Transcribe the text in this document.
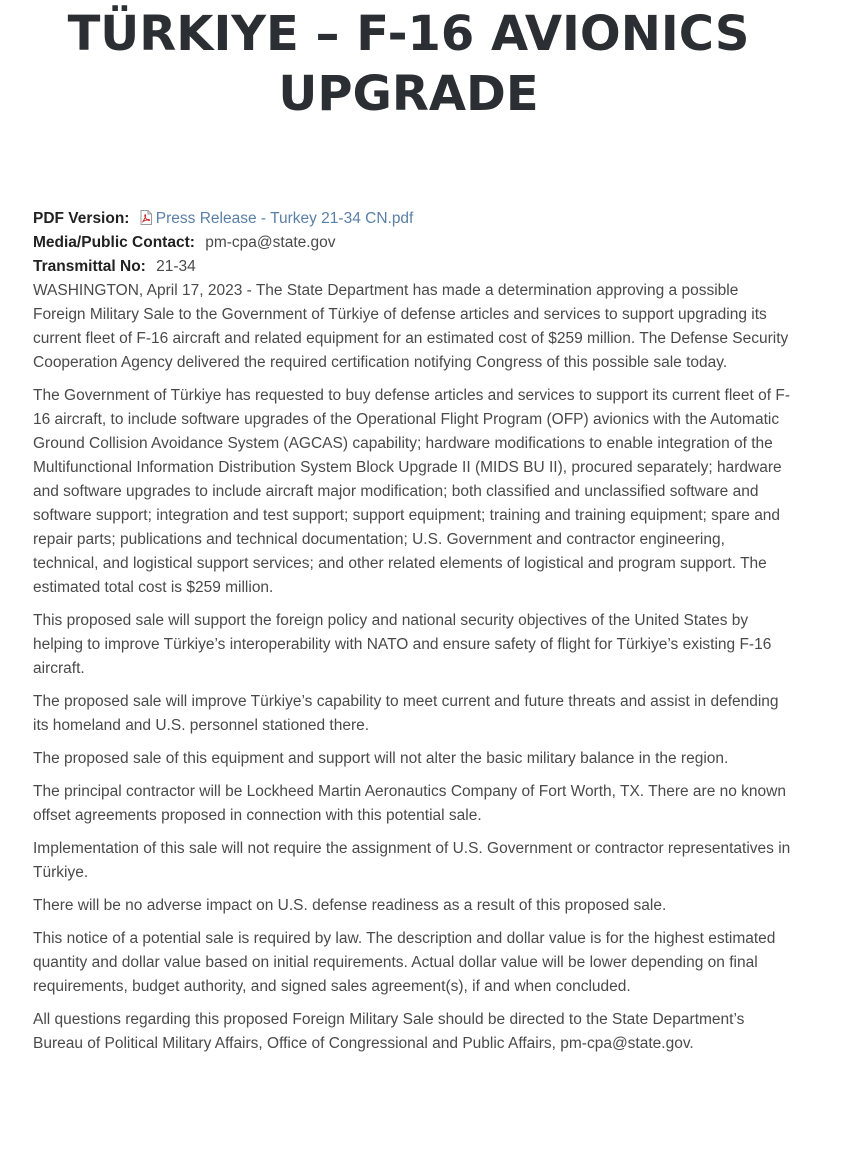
TÜRKIYE – F-16 AVIONICS
UPGRADE

PDF Version: Press Release - Turkey 21-34 CN.pdf

Media/Public Contact: pm-cpa@state.gov

Transmittal No: 21-34

WASHINGTON, April 17, 2023 - The State Department has made a determination approving a possible Foreign Military Sale to the Government of Türkiye of defense articles and services to support upgrading its current fleet of F-16 aircraft and related equipment for an estimated cost of $259 million. The Defense Security Cooperation Agency delivered the required certification notifying Congress of this possible sale today.

The Government of Türkiye has requested to buy defense articles and services to support its current fleet of F-16 aircraft, to include software upgrades of the Operational Flight Program (OFP) avionics with the Automatic Ground Collision Avoidance System (AGCAS) capability; hardware modifications to enable integration of the Multifunctional Information Distribution System Block Upgrade II (MIDS BU II), procured separately; hardware and software upgrades to include aircraft major modification; both classified and unclassified software and software support; integration and test support; support equipment; training and training equipment; spare and repair parts; publications and technical documentation; U.S. Government and contractor engineering, technical, and logistical support services; and other related elements of logistical and program support. The estimated total cost is $259 million.

This proposed sale will support the foreign policy and national security objectives of the United States by helping to improve Türkiye’s interoperability with NATO and ensure safety of flight for Türkiye’s existing F-16 aircraft.

The proposed sale will improve Türkiye’s capability to meet current and future threats and assist in defending its homeland and U.S. personnel stationed there.

The proposed sale of this equipment and support will not alter the basic military balance in the region.

The principal contractor will be Lockheed Martin Aeronautics Company of Fort Worth, TX. There are no known offset agreements proposed in connection with this potential sale.

Implementation of this sale will not require the assignment of U.S. Government or contractor representatives in Türkiye.

There will be no adverse impact on U.S. defense readiness as a result of this proposed sale.

This notice of a potential sale is required by law. The description and dollar value is for the highest estimated quantity and dollar value based on initial requirements. Actual dollar value will be lower depending on final requirements, budget authority, and signed sales agreement(s), if and when concluded.

All questions regarding this proposed Foreign Military Sale should be directed to the State Department’s Bureau of Political Military Affairs, Office of Congressional and Public Affairs, pm-cpa@state.gov.
